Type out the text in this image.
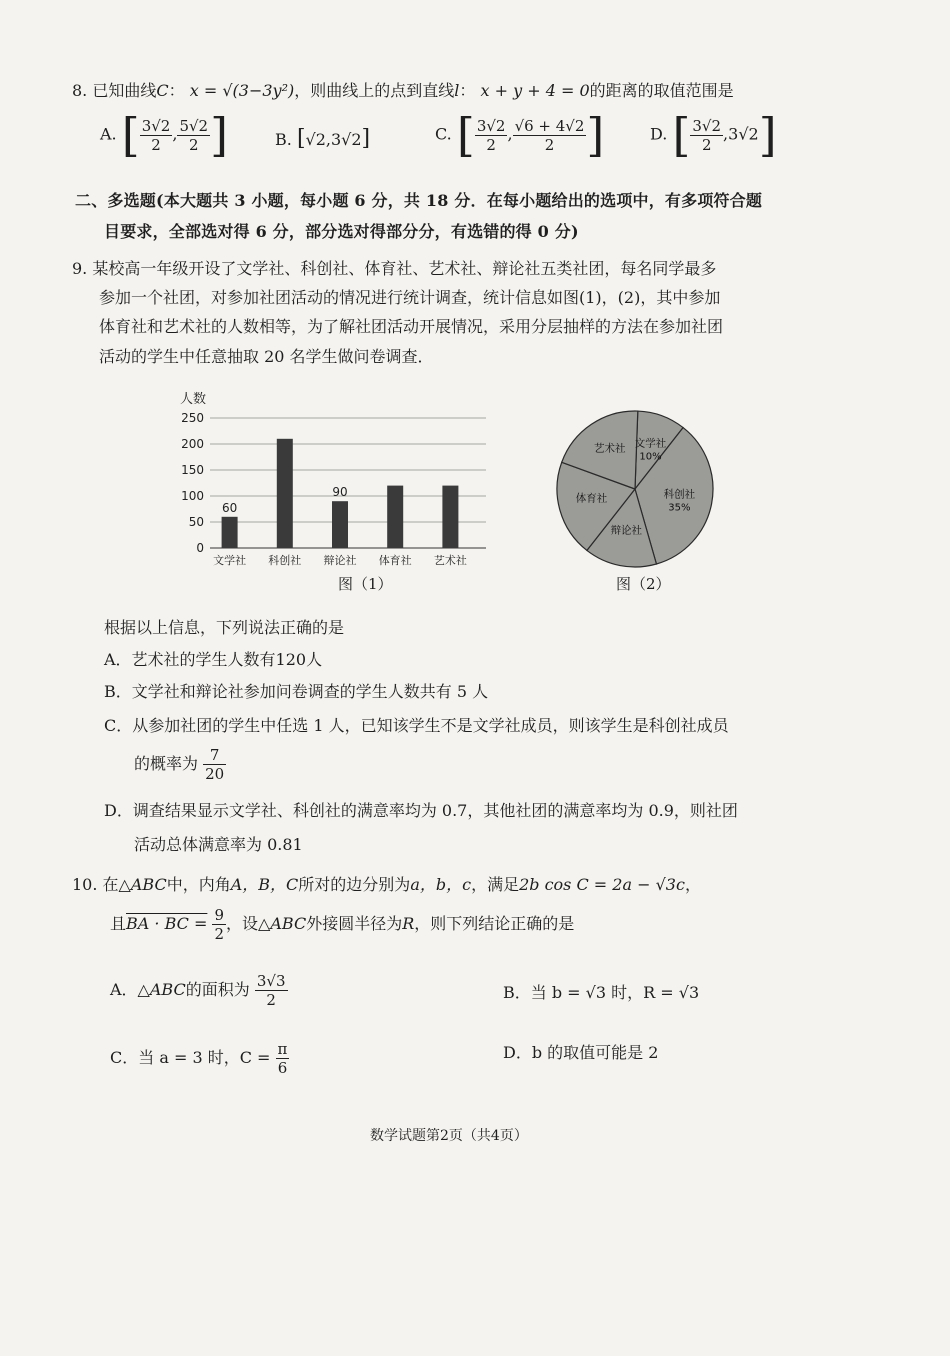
8. 已知曲线C： x = √(3−3y²)，则曲线上的点到直线l： x + y + 4 = 0的距离的取值范围是
A. [ $\frac{3√2}{2}$ , $\frac{5√2}{2}$ ]	B. [√2,3√2]	C. [ $\frac{3√2}{2}$ , $\frac{√6 + 4√2}{2}$ ]	D. [ $\frac{3√2}{2} ,3√2$]
二、多选题(本大题共 3 小题，每小题 6 分，共 18 分．在每小题给出的选项中，有多项符合题
目要求，全部选对得 6 分，部分选对得部分分，有选错的得 0 分)
9. 某校高一年级开设了文学社、科创社、体育社、艺术社、辩论社五类社团，每名同学最多
参加一个社团，对参加社团活动的情况进行统计调查，统计信息如图(1)，(2)，其中参加
体育社和艺术社的人数相等，为了解社团活动开展情况，采用分层抽样的方法在参加社团
活动的学生中任意抽取 20 名学生做问卷调查．
人数
0
50
100
150
200
250
文学社
60
科创社 辩论社
90
体育社 艺术社
图（1）
文学社
10%
科创社
35%
辩论社
体育社
艺术社
图（2）
根据以上信息，下列说法正确的是
A．艺术社的学生人数有120人
B．文学社和辩论社参加问卷调查的学生人数共有 5 人
C．从参加社团的学生中任选 1 人，已知该学生不是文学社成员，则该学生是科创社成员
的概率为 $\frac{7}{20}$
D．调查结果显示文学社、科创社的满意率均为 0.7，其他社团的满意率均为 0.9，则社团
活动总体满意率为 0.81
10. 在△ABC中，内角A，B，C所对的边分别为a，b，c，满足2b cos C = 2a − √3c，
且BA · BC = $\frac{9}{2}$ ，设△ABC外接圆半径为R，则下列结论正确的是
A．△ABC的面积为 $\frac{3√3}{2}$	B．当 b = √3 时，R = √3
C．当 a = 3 时，$C = \frac{\pi}{6}$	D．b 的取值可能是 2
数学试题第2页（共4页）
